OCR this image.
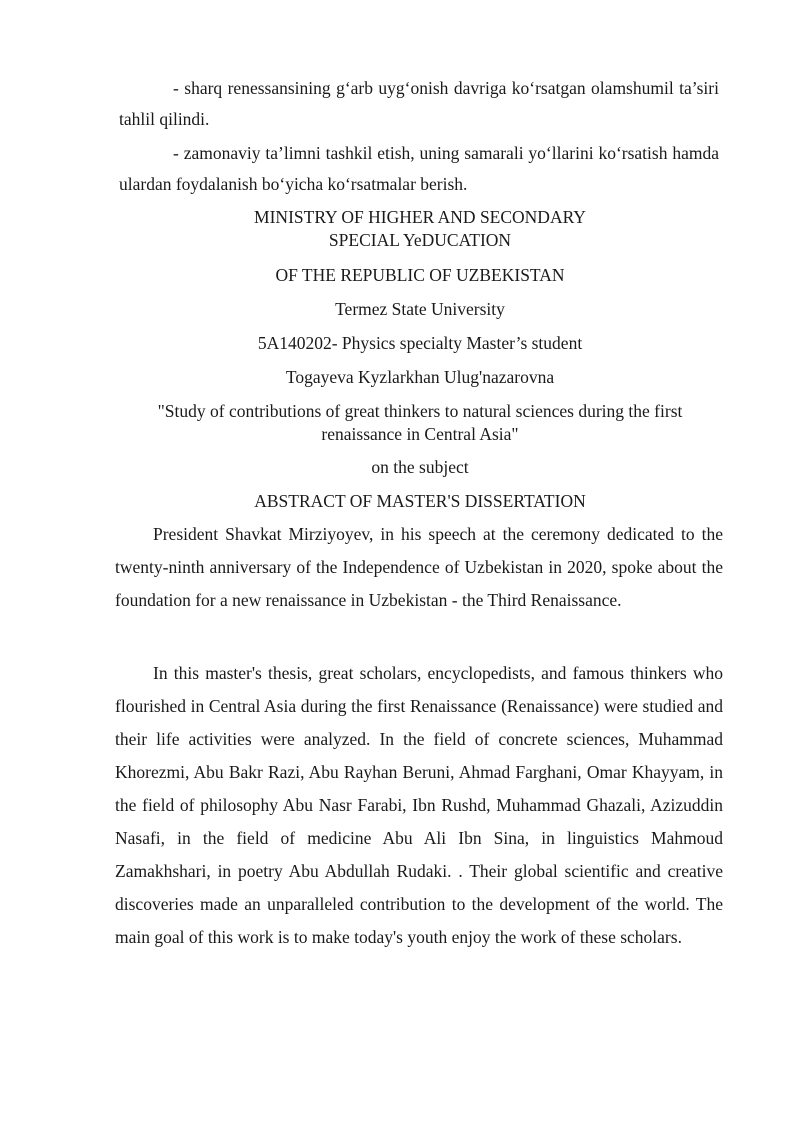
- sharq renessansining g‘arb uyg‘onish davriga ko‘rsatgan olamshumil ta’siri tahlil qilindi.
- zamonaviy ta’limni tashkil etish, uning samarali yo‘llarini ko‘rsatish hamda ulardan foydalanish bo‘yicha ko‘rsatmalar berish.
MINISTRY OF HIGHER AND SECONDARY
SPECIAL YeDUCATION
OF THE REPUBLIC OF UZBEKISTAN
Termez State University
5A140202- Physics specialty Master’s student
Togayeva Kyzlarkhan Ulug'nazarovna
"Study of contributions of great thinkers to natural sciences during the first
renaissance in Central Asia"
on the subject
ABSTRACT OF MASTER'S DISSERTATION
President Shavkat Mirziyoyev, in his speech at the ceremony dedicated to the twenty-ninth anniversary of the Independence of Uzbekistan in 2020, spoke about the foundation for a new renaissance in Uzbekistan - the Third Renaissance.
In this master's thesis, great scholars, encyclopedists, and famous thinkers who flourished in Central Asia during the first Renaissance (Renaissance) were studied and their life activities were analyzed. In the field of concrete sciences, Muhammad Khorezmi, Abu Bakr Razi, Abu Rayhan Beruni, Ahmad Farghani, Omar Khayyam, in the field of philosophy Abu Nasr Farabi, Ibn Rushd, Muhammad Ghazali, Azizuddin Nasafi, in the field of medicine Abu Ali Ibn Sina, in linguistics Mahmoud Zamakhshari, in poetry Abu Abdullah Rudaki. . Their global scientific and creative discoveries made an unparalleled contribution to the development of the world. The main goal of this work is to make today's youth enjoy the work of these scholars.
